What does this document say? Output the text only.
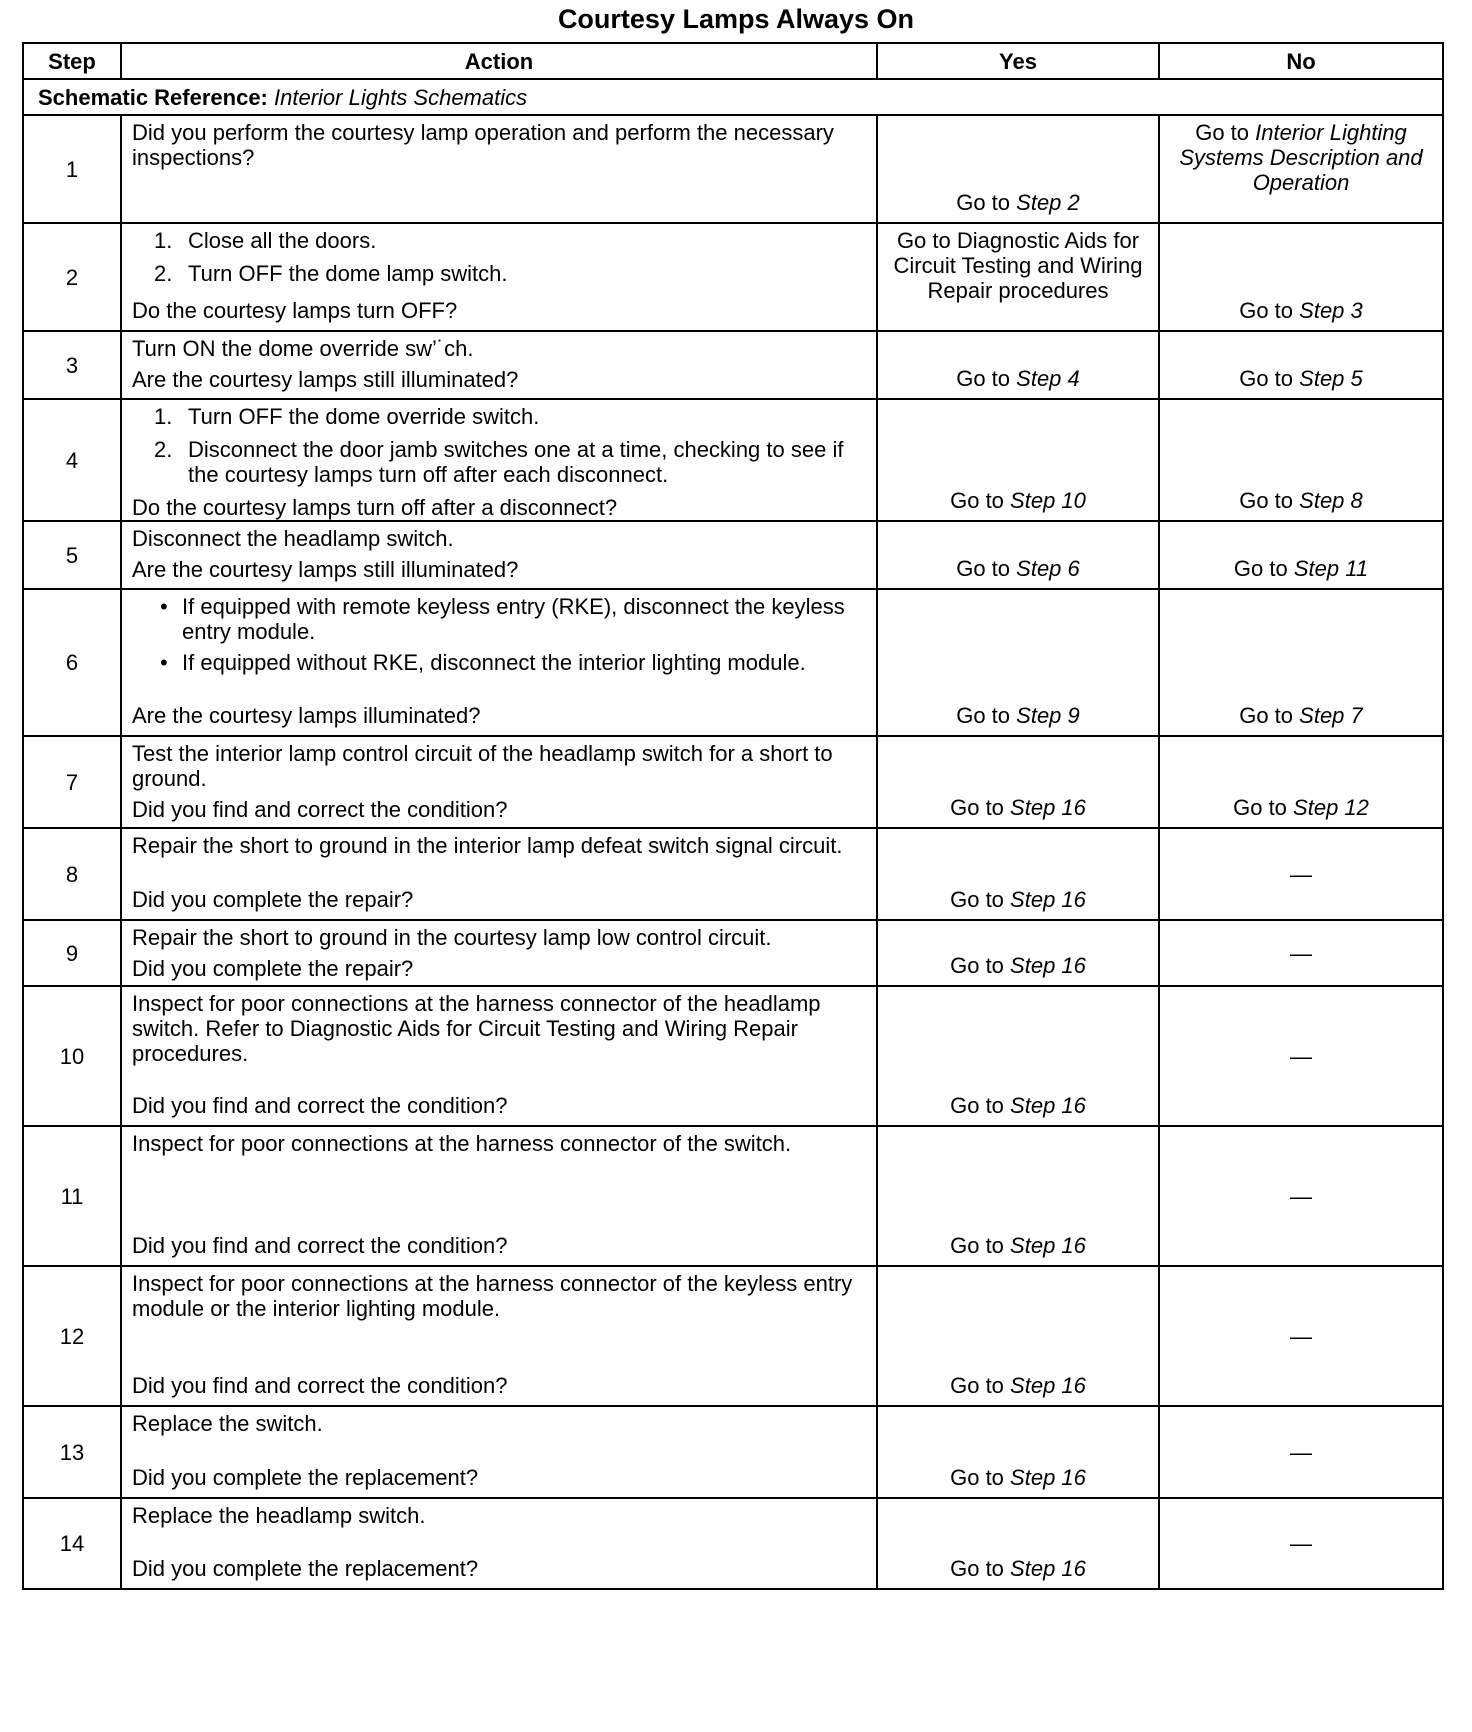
Courtesy Lamps Always On
Step	Action	Yes	No
Schematic Reference: Interior Lights Schematics			
1	Did you perform the courtesy lamp operation and perform the necessary inspections?	Go to Step 2	Go to Interior Lighting Systems Description and Operation

2	1. Close all the doors.
2. Turn OFF the dome lamp switch.
Do the courtesy lamps turn OFF?	Go to Diagnostic Aids for Circuit Testing and Wiring Repair procedures	Go to Step 3

3	Turn ON the dome override sw’˙ch.
Are the courtesy lamps still illuminated?	Go to Step 4	Go to Step 5

4	1. Turn OFF the dome override switch.
2. Disconnect the door jamb switches one at a time, checking to see if the courtesy lamps turn off after each disconnect.
Do the courtesy lamps turn off after a disconnect?	Go to Step 10	Go to Step 8

5	Disconnect the headlamp switch.
Are the courtesy lamps still illuminated?	Go to Step 6	Go to Step 11

6	• If equipped with remote keyless entry (RKE), disconnect the keyless entry module.
• If equipped without RKE, disconnect the interior lighting module.
Are the courtesy lamps illuminated?	Go to Step 9	Go to Step 7

7	Test the interior lamp control circuit of the headlamp switch for a short to ground.
Did you find and correct the condition?	Go to Step 16	Go to Step 12

8	Repair the short to ground in the interior lamp defeat switch signal circuit.
Did you complete the repair?	Go to Step 16	—
9	Repair the short to ground in the courtesy lamp low control circuit.
Did you complete the repair?	Go to Step 16	—
10	Inspect for poor connections at the harness connector of the headlamp switch. Refer to Diagnostic Aids for Circuit Testing and Wiring Repair procedures.
Did you find and correct the condition?	Go to Step 16	—
11	Inspect for poor connections at the harness connector of the switch.
Did you find and correct the condition?	Go to Step 16	—
12	Inspect for poor connections at the harness connector of the keyless entry module or the interior lighting module.
Did you find and correct the condition?	Go to Step 16	—
13	Replace the switch.
Did you complete the replacement?	Go to Step 16	—
14	Replace the headlamp switch.
Did you complete the replacement?	Go to Step 16	—
